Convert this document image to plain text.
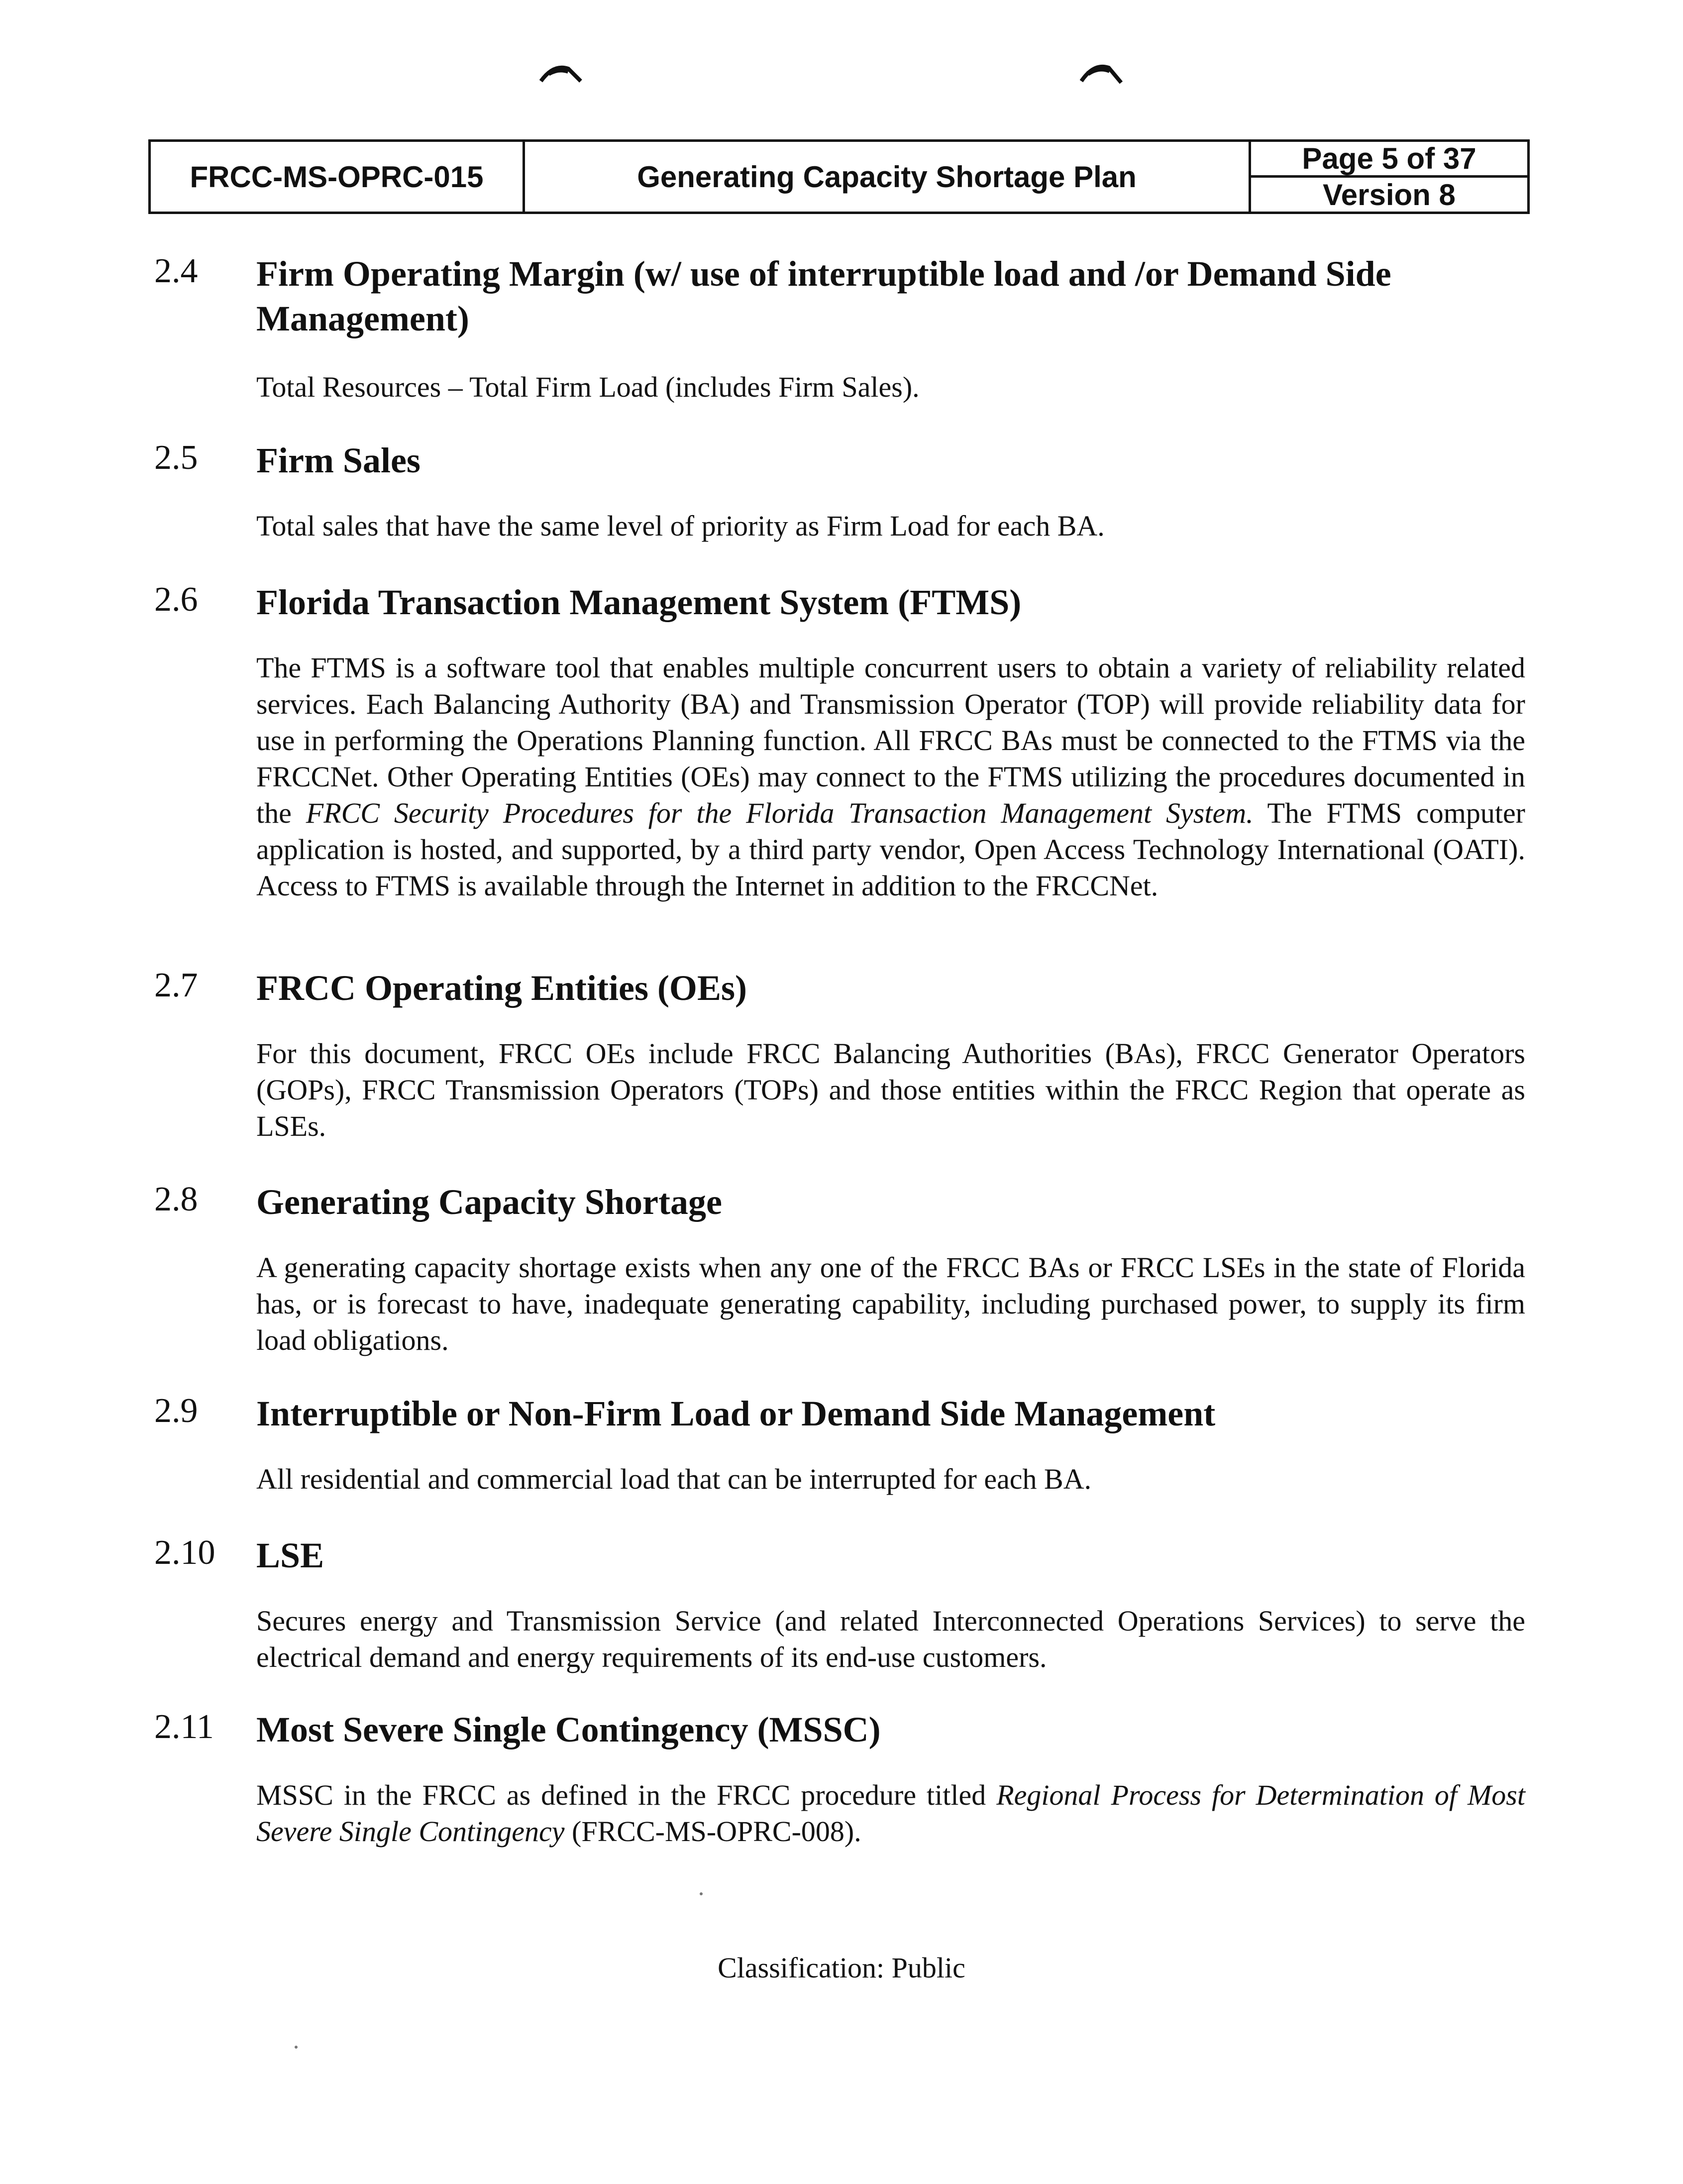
FRCC-MS-OPRC-015	Generating Capacity Shortage Plan
Page 5 of 37
Version 8
2.4 Firm Operating Margin (w/ use of interruptible load and /or Demand Side Management)
Total Resources – Total Firm Load (includes Firm Sales).
2.5 Firm Sales
Total sales that have the same level of priority as Firm Load for each BA.
2.6 Florida Transaction Management System (FTMS)
The FTMS is a software tool that enables multiple concurrent users to obtain a variety of reliability related services. Each Balancing Authority (BA) and Transmission Operator (TOP) will provide reliability data for use in performing the Operations Planning function. All FRCC BAs must be connected to the FTMS via the FRCCNet. Other Operating Entities (OEs) may connect to the FTMS utilizing the procedures documented in the FRCC Security Procedures for the Florida Transaction Management System. The FTMS computer application is hosted, and supported, by a third party vendor, Open Access Technology International (OATI). Access to FTMS is available through the Internet in addition to the FRCCNet.
2.7 FRCC Operating Entities (OEs)
For this document, FRCC OEs include FRCC Balancing Authorities (BAs), FRCC Generator Operators (GOPs), FRCC Transmission Operators (TOPs) and those entities within the FRCC Region that operate as LSEs.
2.8 Generating Capacity Shortage
A generating capacity shortage exists when any one of the FRCC BAs or FRCC LSEs in the state of Florida has, or is forecast to have, inadequate generating capability, including purchased power, to supply its firm load obligations.
2.9 Interruptible or Non-Firm Load or Demand Side Management
All residential and commercial load that can be interrupted for each BA.
2.10 LSE
Secures energy and Transmission Service (and related Interconnected Operations Services) to serve the electrical demand and energy requirements of its end-use customers.
2.11 Most Severe Single Contingency (MSSC)
MSSC in the FRCC as defined in the FRCC procedure titled Regional Process for Determination of Most Severe Single Contingency (FRCC-MS-OPRC-008).
Classification: Public
